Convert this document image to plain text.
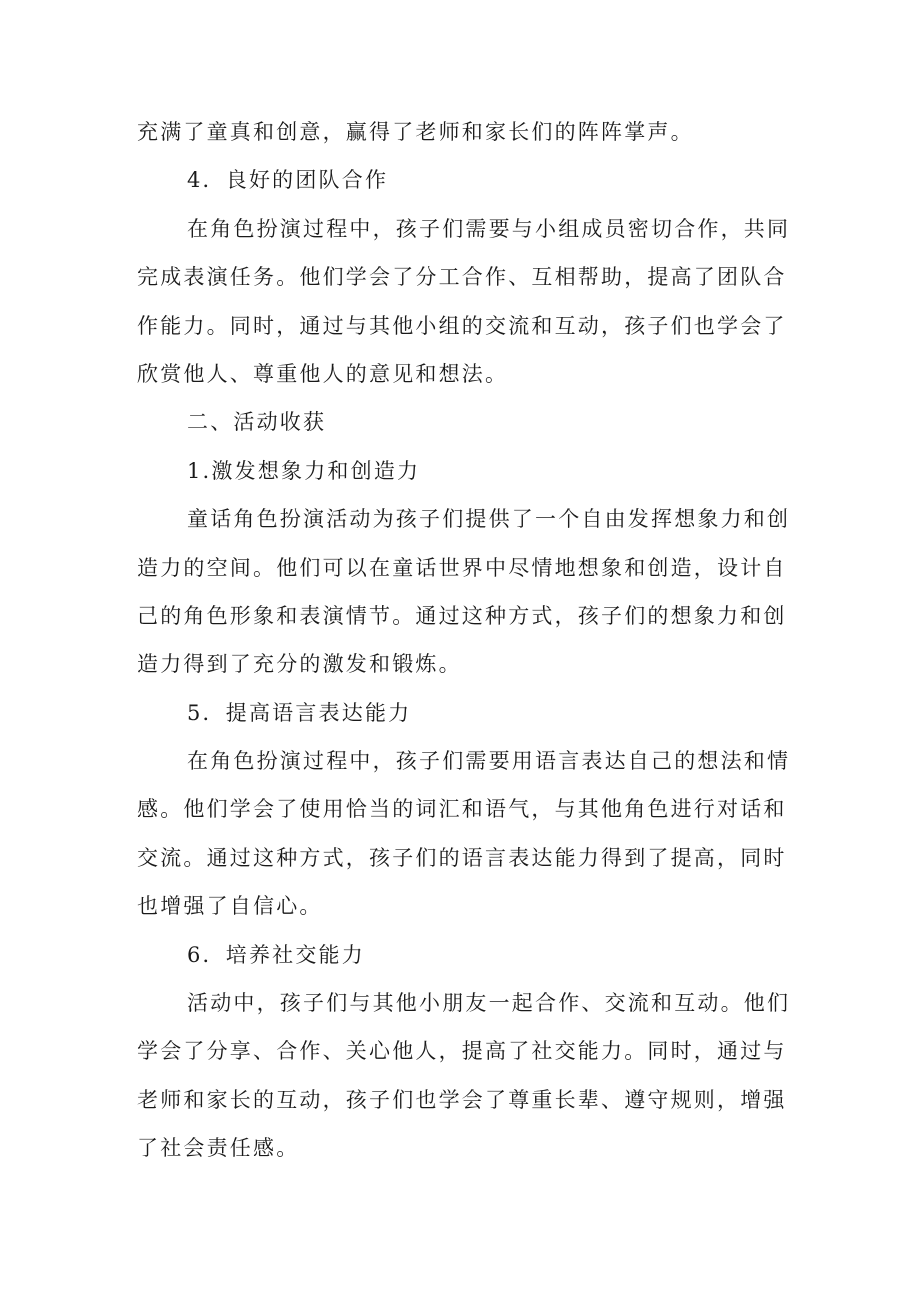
充满了童真和创意，赢得了老师和家长们的阵阵掌声。
4．良好的团队合作
在角色扮演过程中，孩子们需要与小组成员密切合作，共同
完成表演任务。他们学会了分工合作、互相帮助，提高了团队合
作能力。同时，通过与其他小组的交流和互动，孩子们也学会了
欣赏他人、尊重他人的意见和想法。
二、活动收获
1.激发想象力和创造力
童话角色扮演活动为孩子们提供了一个自由发挥想象力和创
造力的空间。他们可以在童话世界中尽情地想象和创造，设计自
己的角色形象和表演情节。通过这种方式，孩子们的想象力和创
造力得到了充分的激发和锻炼。
5．提高语言表达能力
在角色扮演过程中，孩子们需要用语言表达自己的想法和情
感。他们学会了使用恰当的词汇和语气，与其他角色进行对话和
交流。通过这种方式，孩子们的语言表达能力得到了提高，同时
也增强了自信心。
6．培养社交能力
活动中，孩子们与其他小朋友一起合作、交流和互动。他们
学会了分享、合作、关心他人，提高了社交能力。同时，通过与
老师和家长的互动，孩子们也学会了尊重长辈、遵守规则，增强
了社会责任感。
